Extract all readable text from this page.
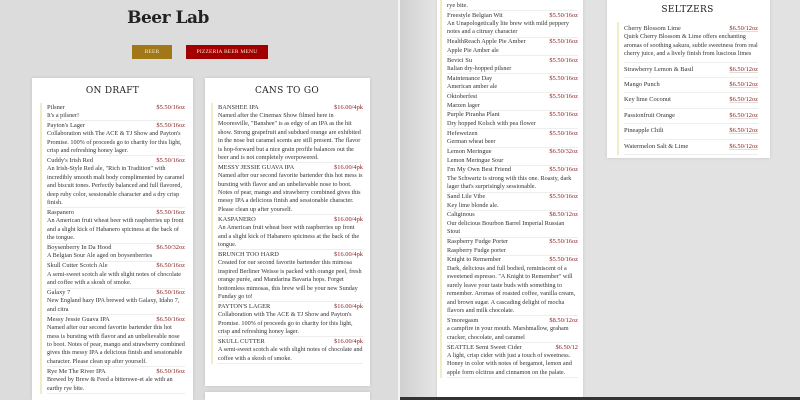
Beer Lab
BEER	PIZZERIA BEER MENU
ON DRAFT
Pilsner	$5.50/16oz
It's a pilsner!
Payton's Lager	$5.50/16oz
Collaboration with The ACE & TJ Show and Payton's Promise. 100% of proceeds go to charity for this light, crisp and refreshing honey lager.
Cuddy's Irish Red	$5.50/16oz
An Irish-Style Red ale, "Rich in Tradition" with incredibly smooth malt body complimented by caramel and biscuit tones. Perfectly balanced and full flavored, deep ruby color, sessionable character and a dry crisp finish.
Raspanero	$5.50/16oz
An American fruit wheat beer with raspberries up front and a slight kick of Habanero spiciness at the back of the tongue.
Boysenberry In Da Hood	$6.50/32oz
A Belgian Sour Ale aged on boysenberries
Skull Cutter Scotch Ale	$6.50/16oz
A semi-sweet scotch ale with slight notes of chocolate and coffee with a skosh of smoke.
Galaxy 7	$6.50/16oz
New England hazy IPA brewed with Galaxy, Idaho 7, and citra
Messy Jessie Guava IPA	$6.50/16oz
Named after our second favorite bartender this hot mess is bursting with flavor and an unbelievable nose to boot. Notes of pear, mango and strawberry combined gives this messy IPA a delicious finish and sessionable character. Please clean up after yourself.
Rye Me The River IPA	$6.50/16oz
Brewed by Brew & Feed a bitterswe-et ale with an earthy rye bite.
CANS TO GO
BANSHEE IPA	$16.00/4pk
Named after the Cinemax Show filmed here in Mooresville, "Banshee" is as edgy of an IPA as the hit show. Strong grapefruit and subdued orange are exhibited in the nose but caramel scents are still present. The flavor is hop-forward but a nice grain profile balances out the beer and is not completely overpowered.
MESSY JESSIE GUAVA IPA	$16.00/4pk
Named after our second favorite bartender this hot mess is bursting with flavor and an unbelievable nose to boot. Notes of pear, mango and strawberry combined gives this messy IPA a delicious finish and sessionable character. Please clean up after yourself.
KASPANERO	$16.00/4pk
An American fruit wheat beer with raspberries up front and a slight kick of Habanero spiciness at the back of the tongue.
BRUNCH TOO HARD	$16.00/4pk
Created for our second favorite bartender this mimosa inspired Berliner Weisse is packed with orange peel, fresh orange purée, and Mandarina Bavaria hops. Forget bottomless mimosas, this brew will be your new Sunday Funday go to!
PAYTON'S LAGER	$16.00/4pk
Collaboration with The ACE & TJ Show and Payton's Promise. 100% of proceeds go to charity for this light, crisp and refreshing honey lager.
SKULL CUTTER	$16.00/4pk
A semi-sweet scotch ale with slight notes of chocolate and coffee with a skosh of smoke.
rye bite.
Freestyle Belgian Wit	$5.50/16oz
An Unapologetically lite brew with mild peppery notes and a citrusy character
HealthReach Apple Pie Amber	$5.50/16oz
Apple Pie Amber ale
Bevici Su	$5.50/16oz
Italian dry-hopped pilsner
Maintenance Day	$5.50/16oz
American amber ale
Oktoberfest	$5.50/16oz
Marzen lager
Purple Piranha Plant	$5.50/16oz
Dry hopped Kolsch with pea flower
Hefeweizen	$5.50/16oz
German wheat beer
Lemon Meringue	$6.50/32oz
Lemon Meringue Sour
I'm My Own Best Friend	$5.50/16oz
The Schwartz is strong with this one. Roasty, dark lager that's surprisingly sessionable.
Sand Lile Vibe	$5.50/16oz
Key lime blonde ale.
Caliginous	$8.50/12oz
Our delicious Bourbon Barrel Imperial Russian Stout
Raspberry Fudge Porter	$5.50/16oz
Raspberry Fudge porter
Knight to Remember	$5.50/16oz
Dark, delicious and full bodied, reminiscent of a sweetened espresso. "A Knight to Remember" will surely leave your taste buds with something to remember. Aromas of roasted coffee, vanilla cream, and brown sugar. A cascading delight of mocha flavors and milk chocolate.
S'moregasm	$8.50/12oz
a campfire in your mouth. Marshmallow, graham cracker, chocolate, and caramel
SEATTLE Semi Sweet Cider	$6.50/12
A light, crisp cider with just a touch of sweetness. Honey in color with notes of bergamot, lemon and apple form olcitrus and cinnamon on the palate.
SELTZERS
Cherry Blossom Lime	$6.50/12oz
Quirk Cherry Blossom & Lime offers enchanting aromas of soothing sakura, subtle sweetness from real cherry juice, and a lively finish from luscious limes
Strawberry Lemon & Basil	$6.50/12oz
Mango Punch	$6.50/12oz
Key lime Coconut	$6.50/12oz
Passionfruit Orange	$6.50/12oz
Pineapple Chili	$6.50/12oz
Watermelon Salt & Lime	$6.50/12oz
